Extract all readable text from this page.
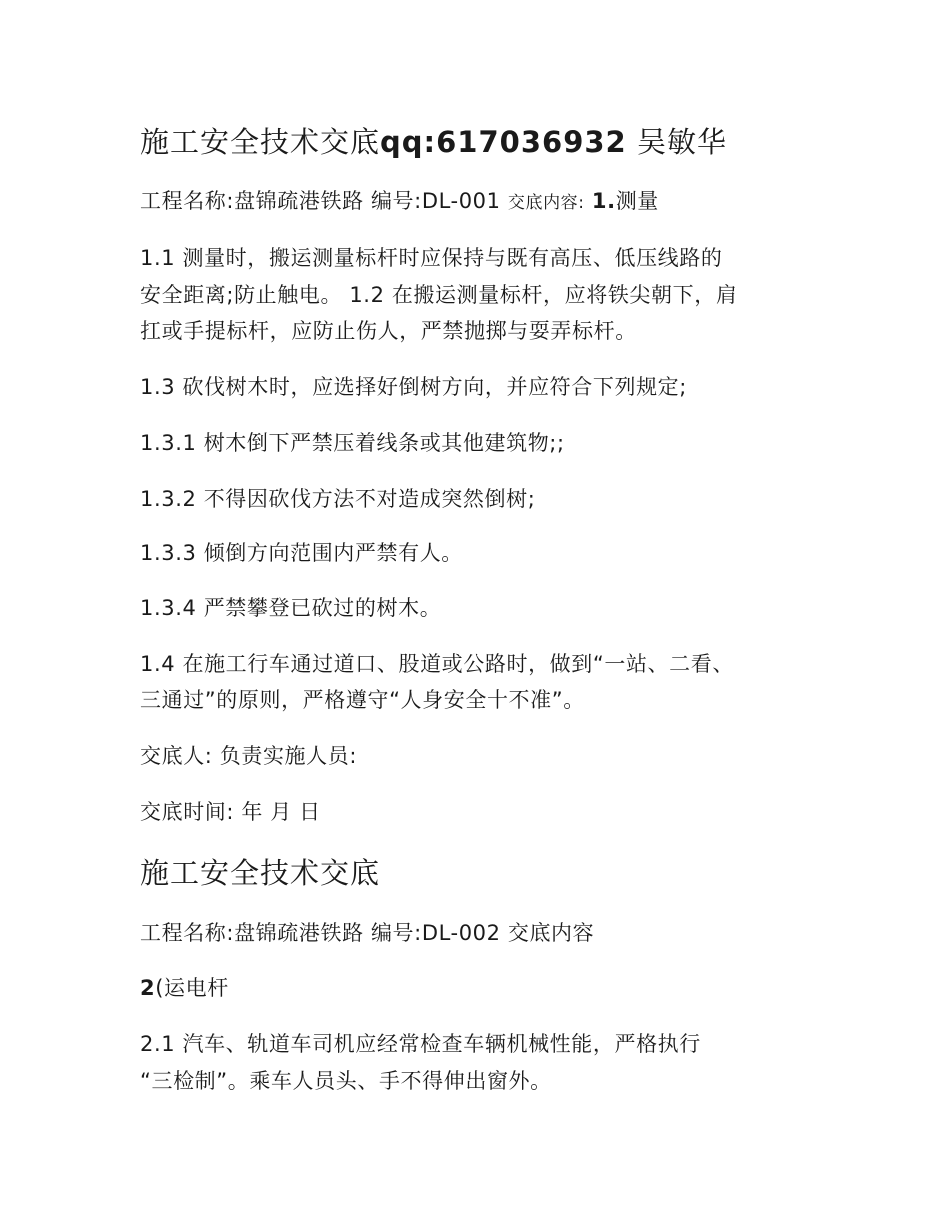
施工安全技术交底qq:617036932 吴敏华
工程名称:盘锦疏港铁路 编号:DL-001 交底内容: 1.测量
1.1 测量时，搬运测量标杆时应保持与既有高压、低压线路的
安全距离;防止触电。 1.2 在搬运测量标杆，应将铁尖朝下，肩
扛或手提标杆，应防止伤人，严禁抛掷与耍弄标杆。
1.3 砍伐树木时，应选择好倒树方向，并应符合下列规定;
1.3.1 树木倒下严禁压着线条或其他建筑物;;
1.3.2 不得因砍伐方法不对造成突然倒树;
1.3.3 倾倒方向范围内严禁有人。
1.3.4 严禁攀登已砍过的树木。
1.4 在施工行车通过道口、股道或公路时，做到“一站、二看、
三通过”的原则，严格遵守“人身安全十不准”。
交底人: 负责实施人员:
交底时间: 年 月 日
施工安全技术交底
工程名称:盘锦疏港铁路 编号:DL-002 交底内容
2(运电杆
2.1 汽车、轨道车司机应经常检查车辆机械性能，严格执行
“三检制”。乘车人员头、手不得伸出窗外。
